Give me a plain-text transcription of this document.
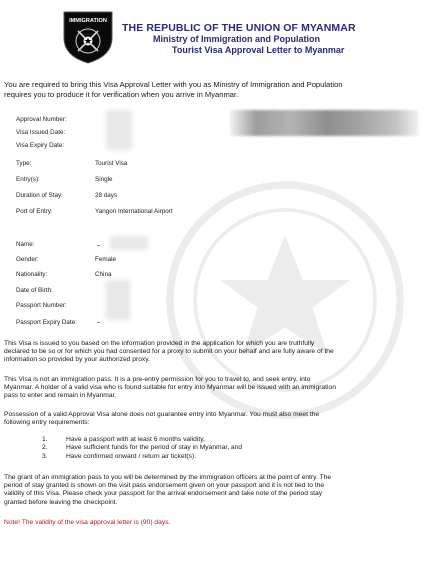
IMMIGRATION
THE REPUBLIC OF THE UNION OF MYANMAR
Ministry of Immigration and Population
Tourist Visa Approval Letter to Myanmar
You are required to bring this Visa Approval Letter with you as Ministry of Immigration and Population
requires you to produce it for verification when you arrive in Myanmar.
Approval Number:
Visa Issued Date:
Visa Expiry Date:
Type:	Tourist Visa
Entry(s):	Single
Duration of Stay:	28 days
Port of Entry:	Yangon International Airport
Name:
Gender:	Female
Nationality:	China
Date of Birth:
Passport Number:
Passport Expiry Date:
This Visa is issued to you based on the information provided in the application for which you are truthfully
declared to be so or for which you had consented for a proxy to submit on your behalf and are fully aware of the
information so provided by your authorized proxy.
This Visa is not an immigration pass. It is a pre-entry permission for you to travel to, and seek entry, into
Myanmar. A holder of a valid visa who is found suitable for entry into Myanmar will be issued with an immigration
pass to enter and remain in Myanmar.
Possession of a valid Approval Visa alone does not guarantee entry into Myanmar. You must also meet the
following entry requirements:
1.	Have a passport with at least 6 months validity,
2.	Have sufficient funds for the period of stay in Myanmar, and
3.	Have confirmed onward / return air ticket(s).
The grant of an immigration pass to you will be determined by the immigration officers at the point of entry. The
period of stay granted is shown on the visit pass endorsement given on your passport and it is not tied to the
validity of this Visa. Please check your passport for the arrival endorsement and take note of the period stay
granted before leaving the checkpoint.
Note! The validity of the visa approval letter is (90) days.
